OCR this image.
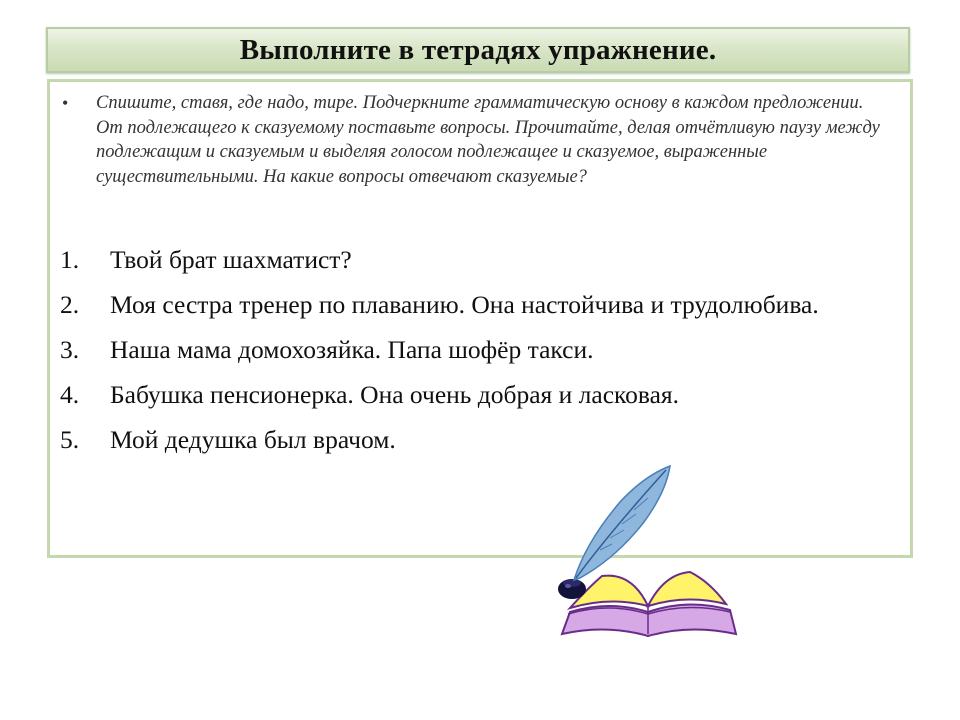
Выполните в тетрадях упражнение.
•	Спишите, ставя, где надо, тире. Подчеркните грамматическую основу в каждом предложении. От подлежащего к сказуемому поставьте вопросы. Прочитайте, делая отчётливую паузу между подлежащим и сказуемым и выделяя голосом подлежащее и сказуемое, выраженные существительными. На какие вопросы отвечают сказуемые?
1.	Твой брат шахматист?
2.	Моя сестра тренер по плаванию. Она настойчива и трудолюбива.
3.	Наша мама домохозяйка. Папа шофёр такси.
4.	Бабушка пенсионерка. Она очень добрая и ласковая.
5.	Мой дедушка был врачом.
